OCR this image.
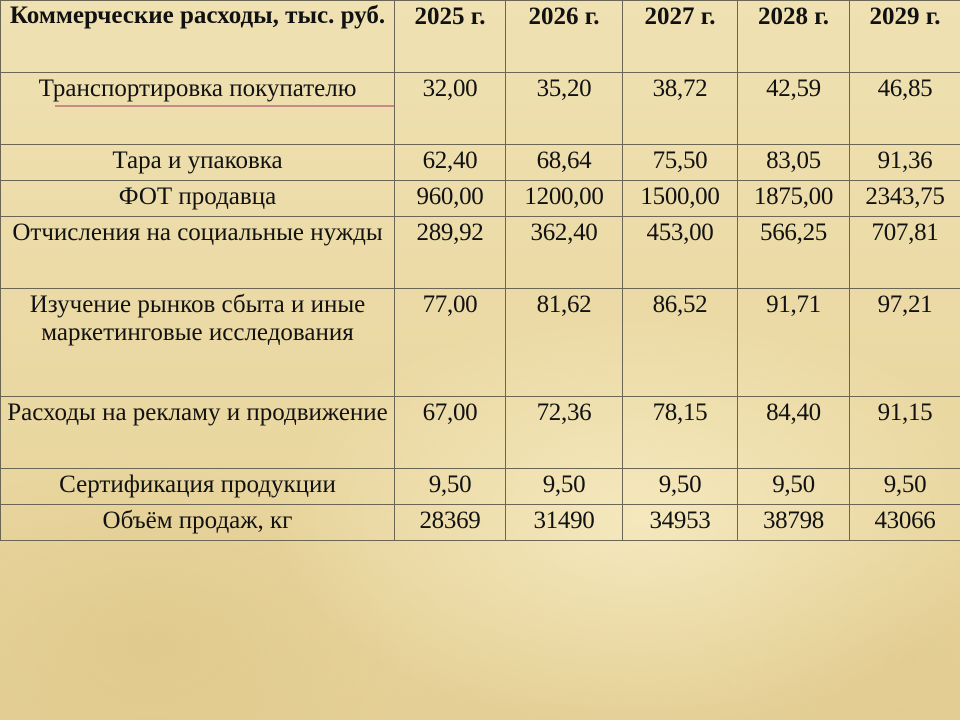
Коммерческие расходы, тыс. руб.	2025 г.	2026 г.	2027 г.	2028 г.	2029 г.
Транспортировка покупателю	32,00	35,20	38,72	42,59	46,85
Тара и упаковка	62,40	68,64	75,50	83,05	91,36
ФОТ продавца	960,00	1200,00	1500,00	1875,00	2343,75
Отчисления на социальные нужды	289,92	362,40	453,00	566,25	707,81
Изучение рынков сбыта и иные маркетинговые исследования	77,00	81,62	86,52	91,71	97,21
Расходы на рекламу и продвижение	67,00	72,36	78,15	84,40	91,15
Сертификация продукции	9,50	9,50	9,50	9,50	9,50
Объём продаж, кг	28369	31490	34953	38798	43066
